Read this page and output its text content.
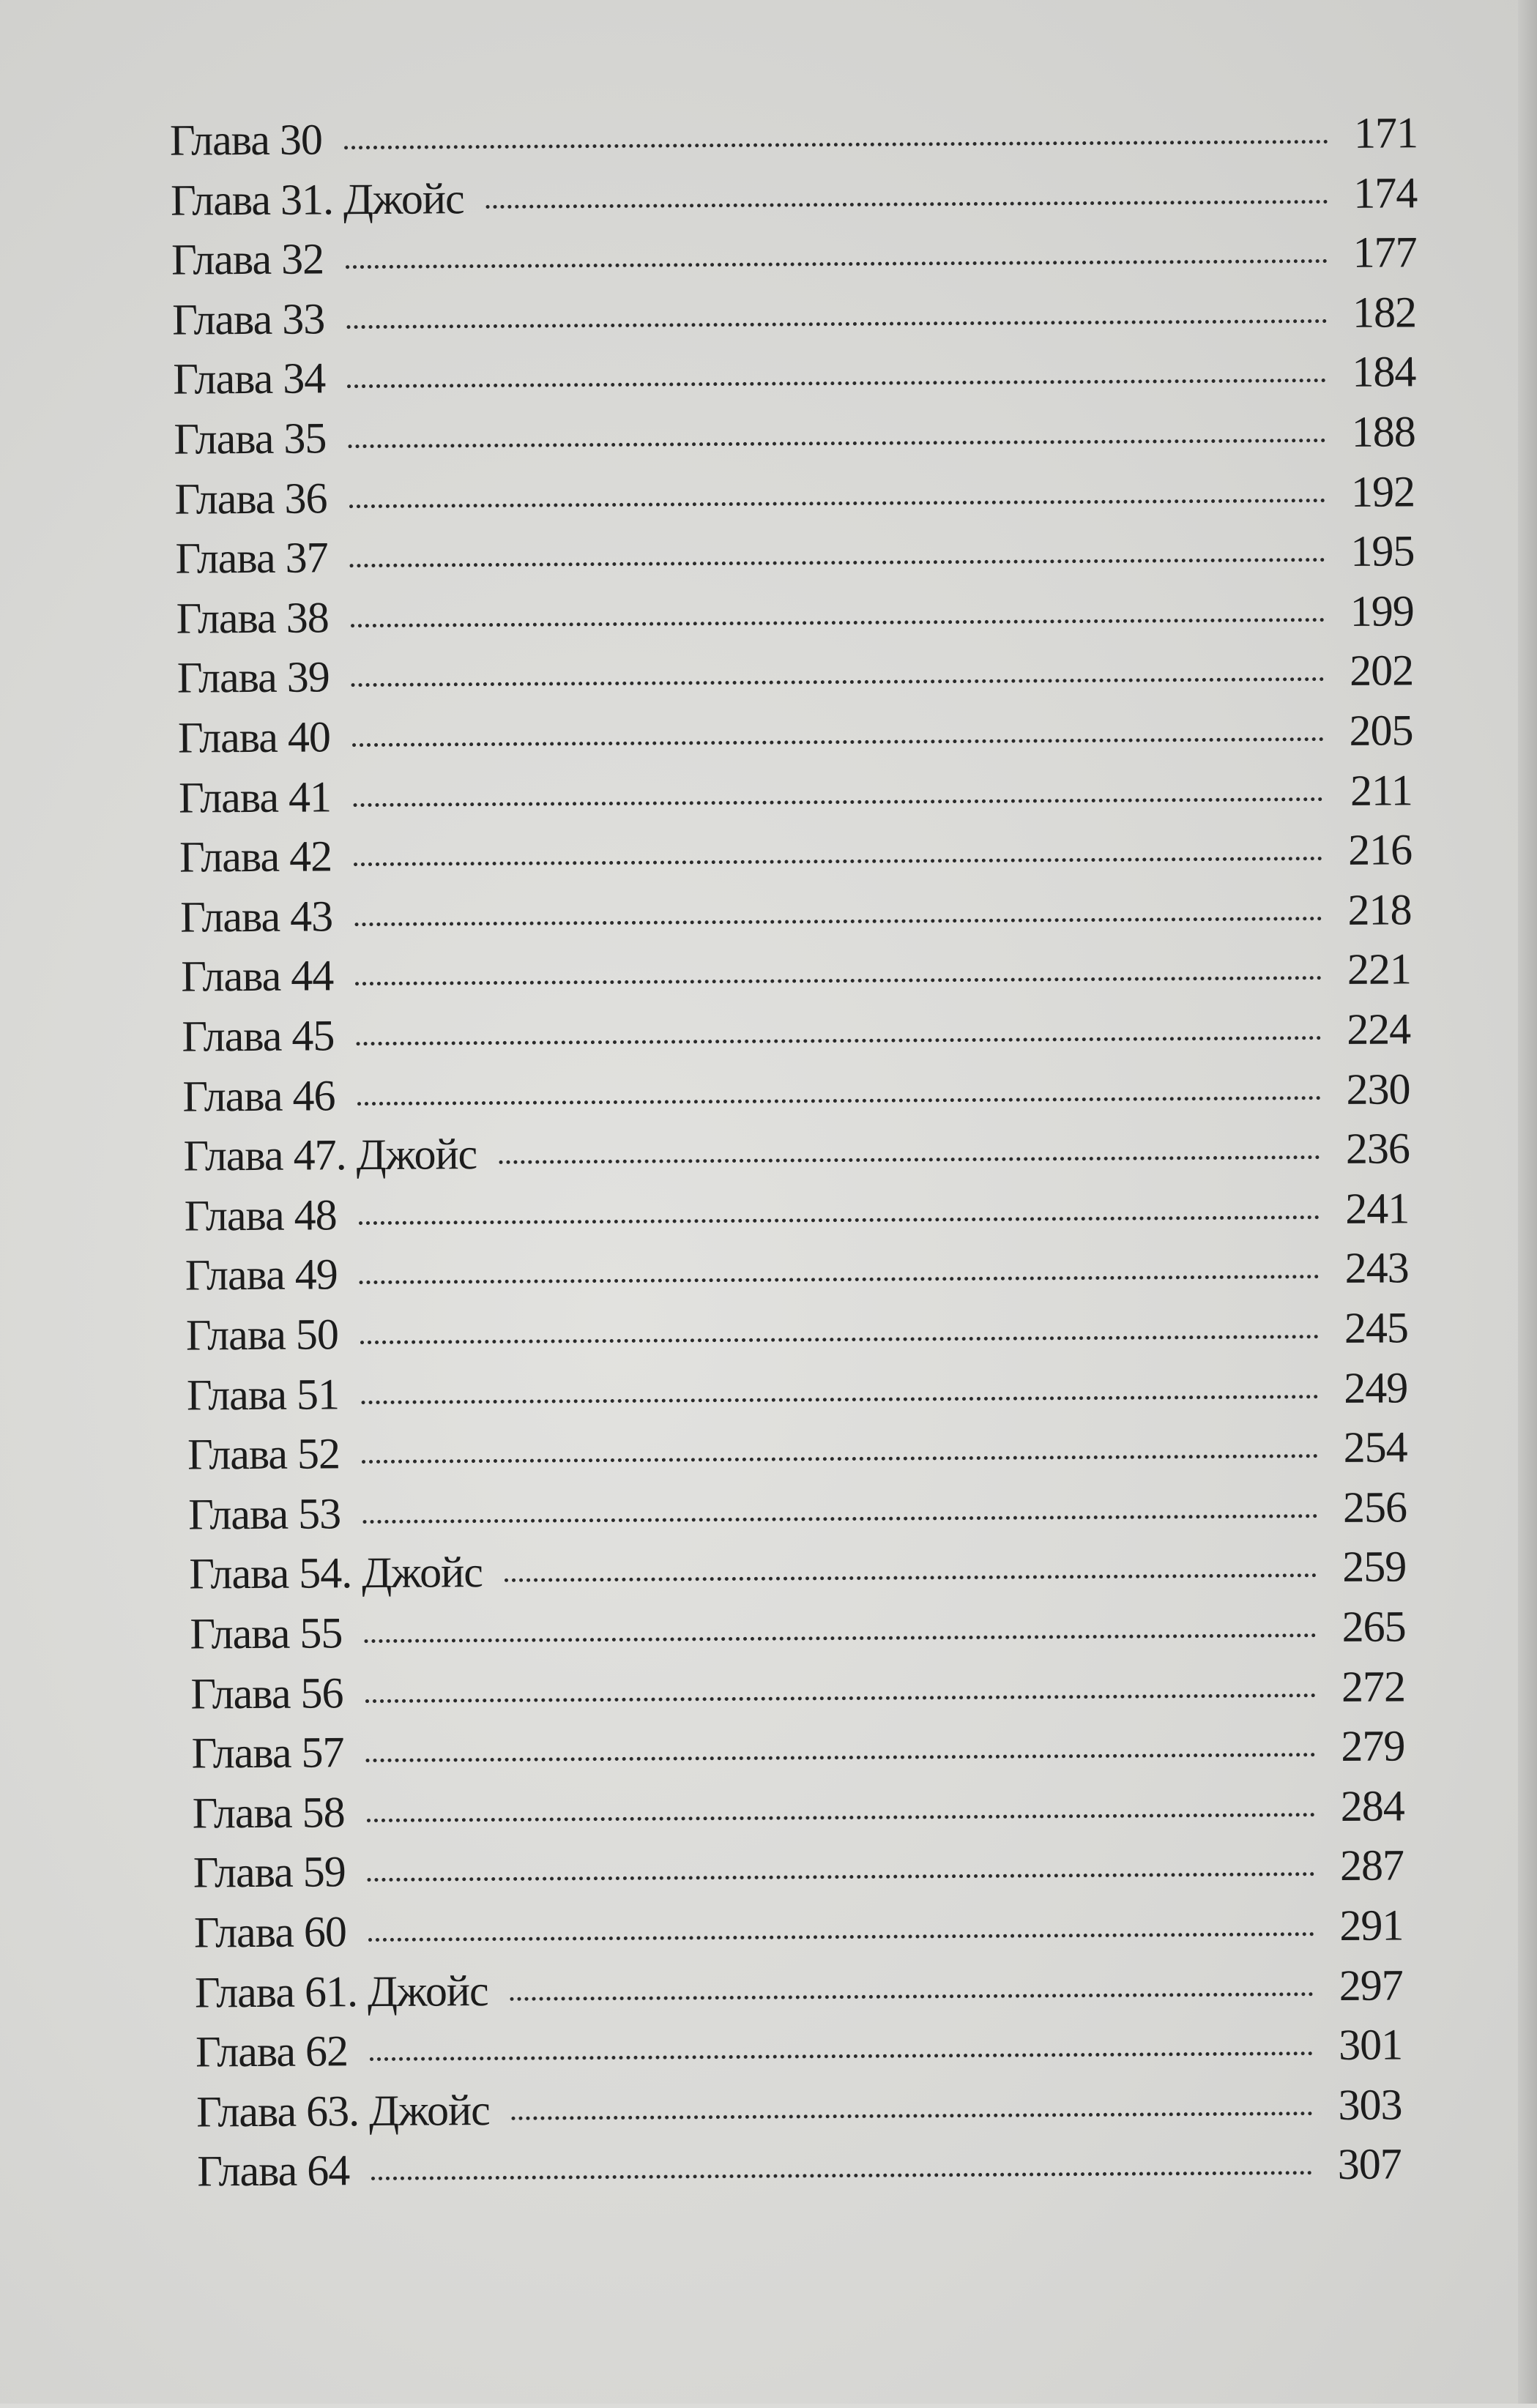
Глава 30	171
Глава 31. Джойс	174
Глава 32	177
Глава 33	182
Глава 34	184
Глава 35	188
Глава 36	192
Глава 37	195
Глава 38	199
Глава 39	202
Глава 40	205
Глава 41	211
Глава 42	216
Глава 43	218
Глава 44	221
Глава 45	224
Глава 46	230
Глава 47. Джойс	236
Глава 48	241
Глава 49	243
Глава 50	245
Глава 51	249
Глава 52	254
Глава 53	256
Глава 54. Джойс	259
Глава 55	265
Глава 56	272
Глава 57	279
Глава 58	284
Глава 59	287
Глава 60	291
Глава 61. Джойс	297
Глава 62	301
Глава 63. Джойс	303
Глава 64	307
